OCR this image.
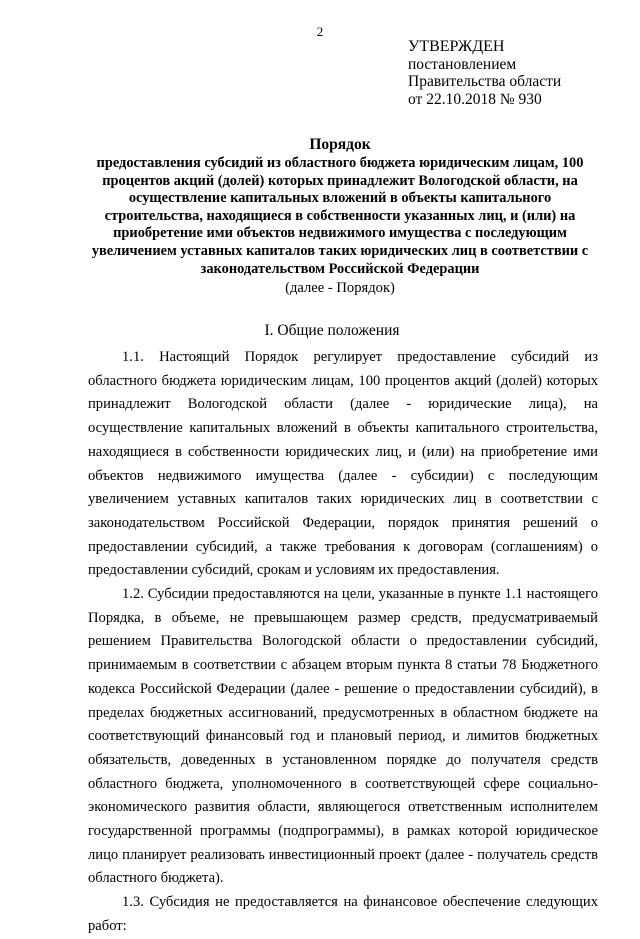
2
УТВЕРЖДЕН
постановлением
Правительства области
от 22.10.2018 № 930

Порядок

предоставления субсидий из областного бюджета юридическим лицам, 100 процентов акций (долей) которых принадлежит Вологодской области, на осуществление капитальных вложений в объекты капитального строительства, находящиеся в собственности указанных лиц, и (или) на приобретение ими объектов недвижимого имущества с последующим увеличением уставных капиталов таких юридических лиц в соответствии с законодательством Российской Федерации

(далее - Порядок)

I. Общие положения

1.1. Настоящий Порядок регулирует предоставление субсидий из областного бюджета юридическим лицам, 100 процентов акций (долей) которых принадлежит Вологодской области (далее - юридические лица), на осуществление капитальных вложений в объекты капитального строительства, находящиеся в собственности юридических лиц, и (или) на приобретение ими объектов недвижимого имущества (далее - субсидии) с последующим увеличением уставных капиталов таких юридических лиц в соответствии с законодательством Российской Федерации, порядок принятия решений о предоставлении субсидий, а также требования к договорам (соглашениям) о предоставлении субсидий, срокам и условиям их предоставления.

1.2. Субсидии предоставляются на цели, указанные в пункте 1.1 настоящего Порядка, в объеме, не превышающем размер средств, предусматриваемый решением Правительства Вологодской области о предоставлении субсидий, принимаемым в соответствии с абзацем вторым пункта 8 статьи 78 Бюджетного кодекса Российской Федерации (далее - решение о предоставлении субсидий), в пределах бюджетных ассигнований, предусмотренных в областном бюджете на соответствующий финансовый год и плановый период, и лимитов бюджетных обязательств, доведенных в установленном порядке до получателя средств областного бюджета, уполномоченного в соответствующей сфере социально-экономического развития области, являющегося ответственным исполнителем государственной программы (подпрограммы), в рамках которой юридическое лицо планирует реализовать инвестиционный проект (далее - получатель средств областного бюджета).

1.3. Субсидия не предоставляется на финансовое обеспечение следующих работ:
